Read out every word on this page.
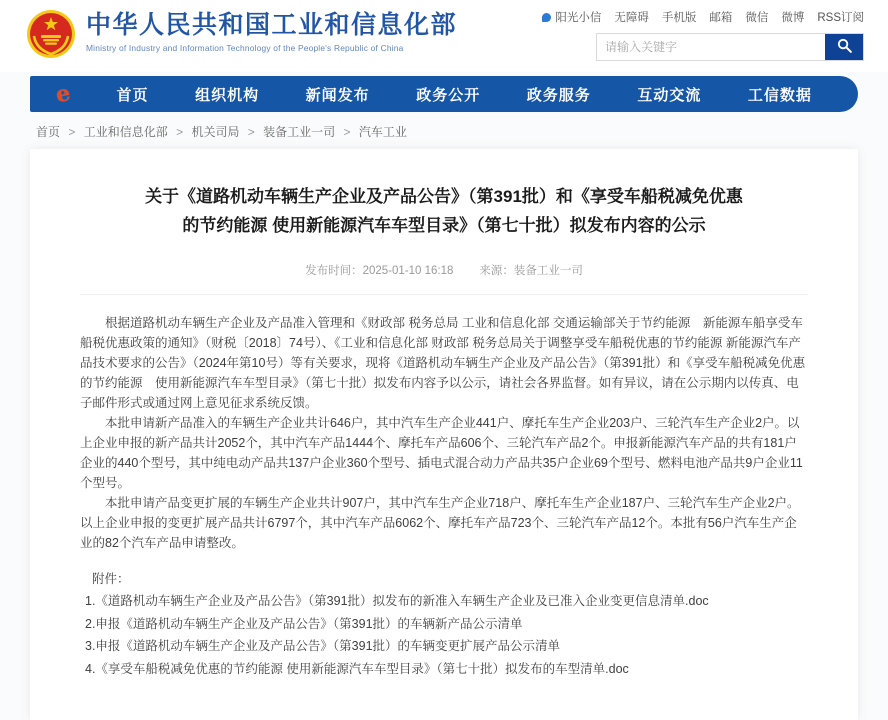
中华人民共和国工业和信息化部
Ministry of Industry and Information Technology of the People's Republic of China
阳光小信 无障碍 手机版 邮箱 微信 微博 RSS订阅
请输入关键字
e	首页	组织机构	新闻发布	政务公开	政务服务	互动交流	工信数据
首页 > 工业和信息化部 > 机关司局 > 装备工业一司 > 汽车工业
关于《道路机动车辆生产企业及产品公告》（第391批）和《享受车船税减免优惠的节约能源 使用新能源汽车车型目录》（第七十批）拟发布内容的公示
发布时间：2025-01-10 16:18 来源：装备工业一司

根据道路机动车辆生产企业及产品准入管理和《财政部 税务总局 工业和信息化部 交通运输部关于节约能源　新能源车船享受车船税优惠政策的通知》（财税〔2018〕74号）、《工业和信息化部 财政部 税务总局关于调整享受车船税优惠的节约能源 新能源汽车产品技术要求的公告》（2024年第10号）等有关要求，现将《道路机动车辆生产企业及产品公告》（第391批）和《享受车船税减免优惠的节约能源　使用新能源汽车车型目录》（第七十批）拟发布内容予以公示，请社会各界监督。如有异议，请在公示期内以传真、电子邮件形式或通过网上意见征求系统反馈。

本批申请新产品准入的车辆生产企业共计646户，其中汽车生产企业441户、摩托车生产企业203户、三轮汽车生产企业2户。以上企业申报的新产品共计2052个，其中汽车产品1444个、摩托车产品606个、三轮汽车产品2个。申报新能源汽车产品的共有181户企业的440个型号，其中纯电动产品共137户企业360个型号、插电式混合动力产品共35户企业69个型号、燃料电池产品共9户企业11个型号。

本批申请产品变更扩展的车辆生产企业共计907户，其中汽车生产企业718户、摩托车生产企业187户、三轮汽车生产企业2户。以上企业申报的变更扩展产品共计6797个，其中汽车产品6062个、摩托车产品723个、三轮汽车产品12个。本批有56户汽车生产企业的82个汽车产品申请整改。

附件：
1.《道路机动车辆生产企业及产品公告》（第391批）拟发布的新准入车辆生产企业及已准入企业变更信息清单.doc
2.申报《道路机动车辆生产企业及产品公告》（第391批）的车辆新产品公示清单
3.申报《道路机动车辆生产企业及产品公告》（第391批）的车辆变更扩展产品公示清单
4.《享受车船税减免优惠的节约能源 使用新能源汽车车型目录》（第七十批）拟发布的车型清单.doc
